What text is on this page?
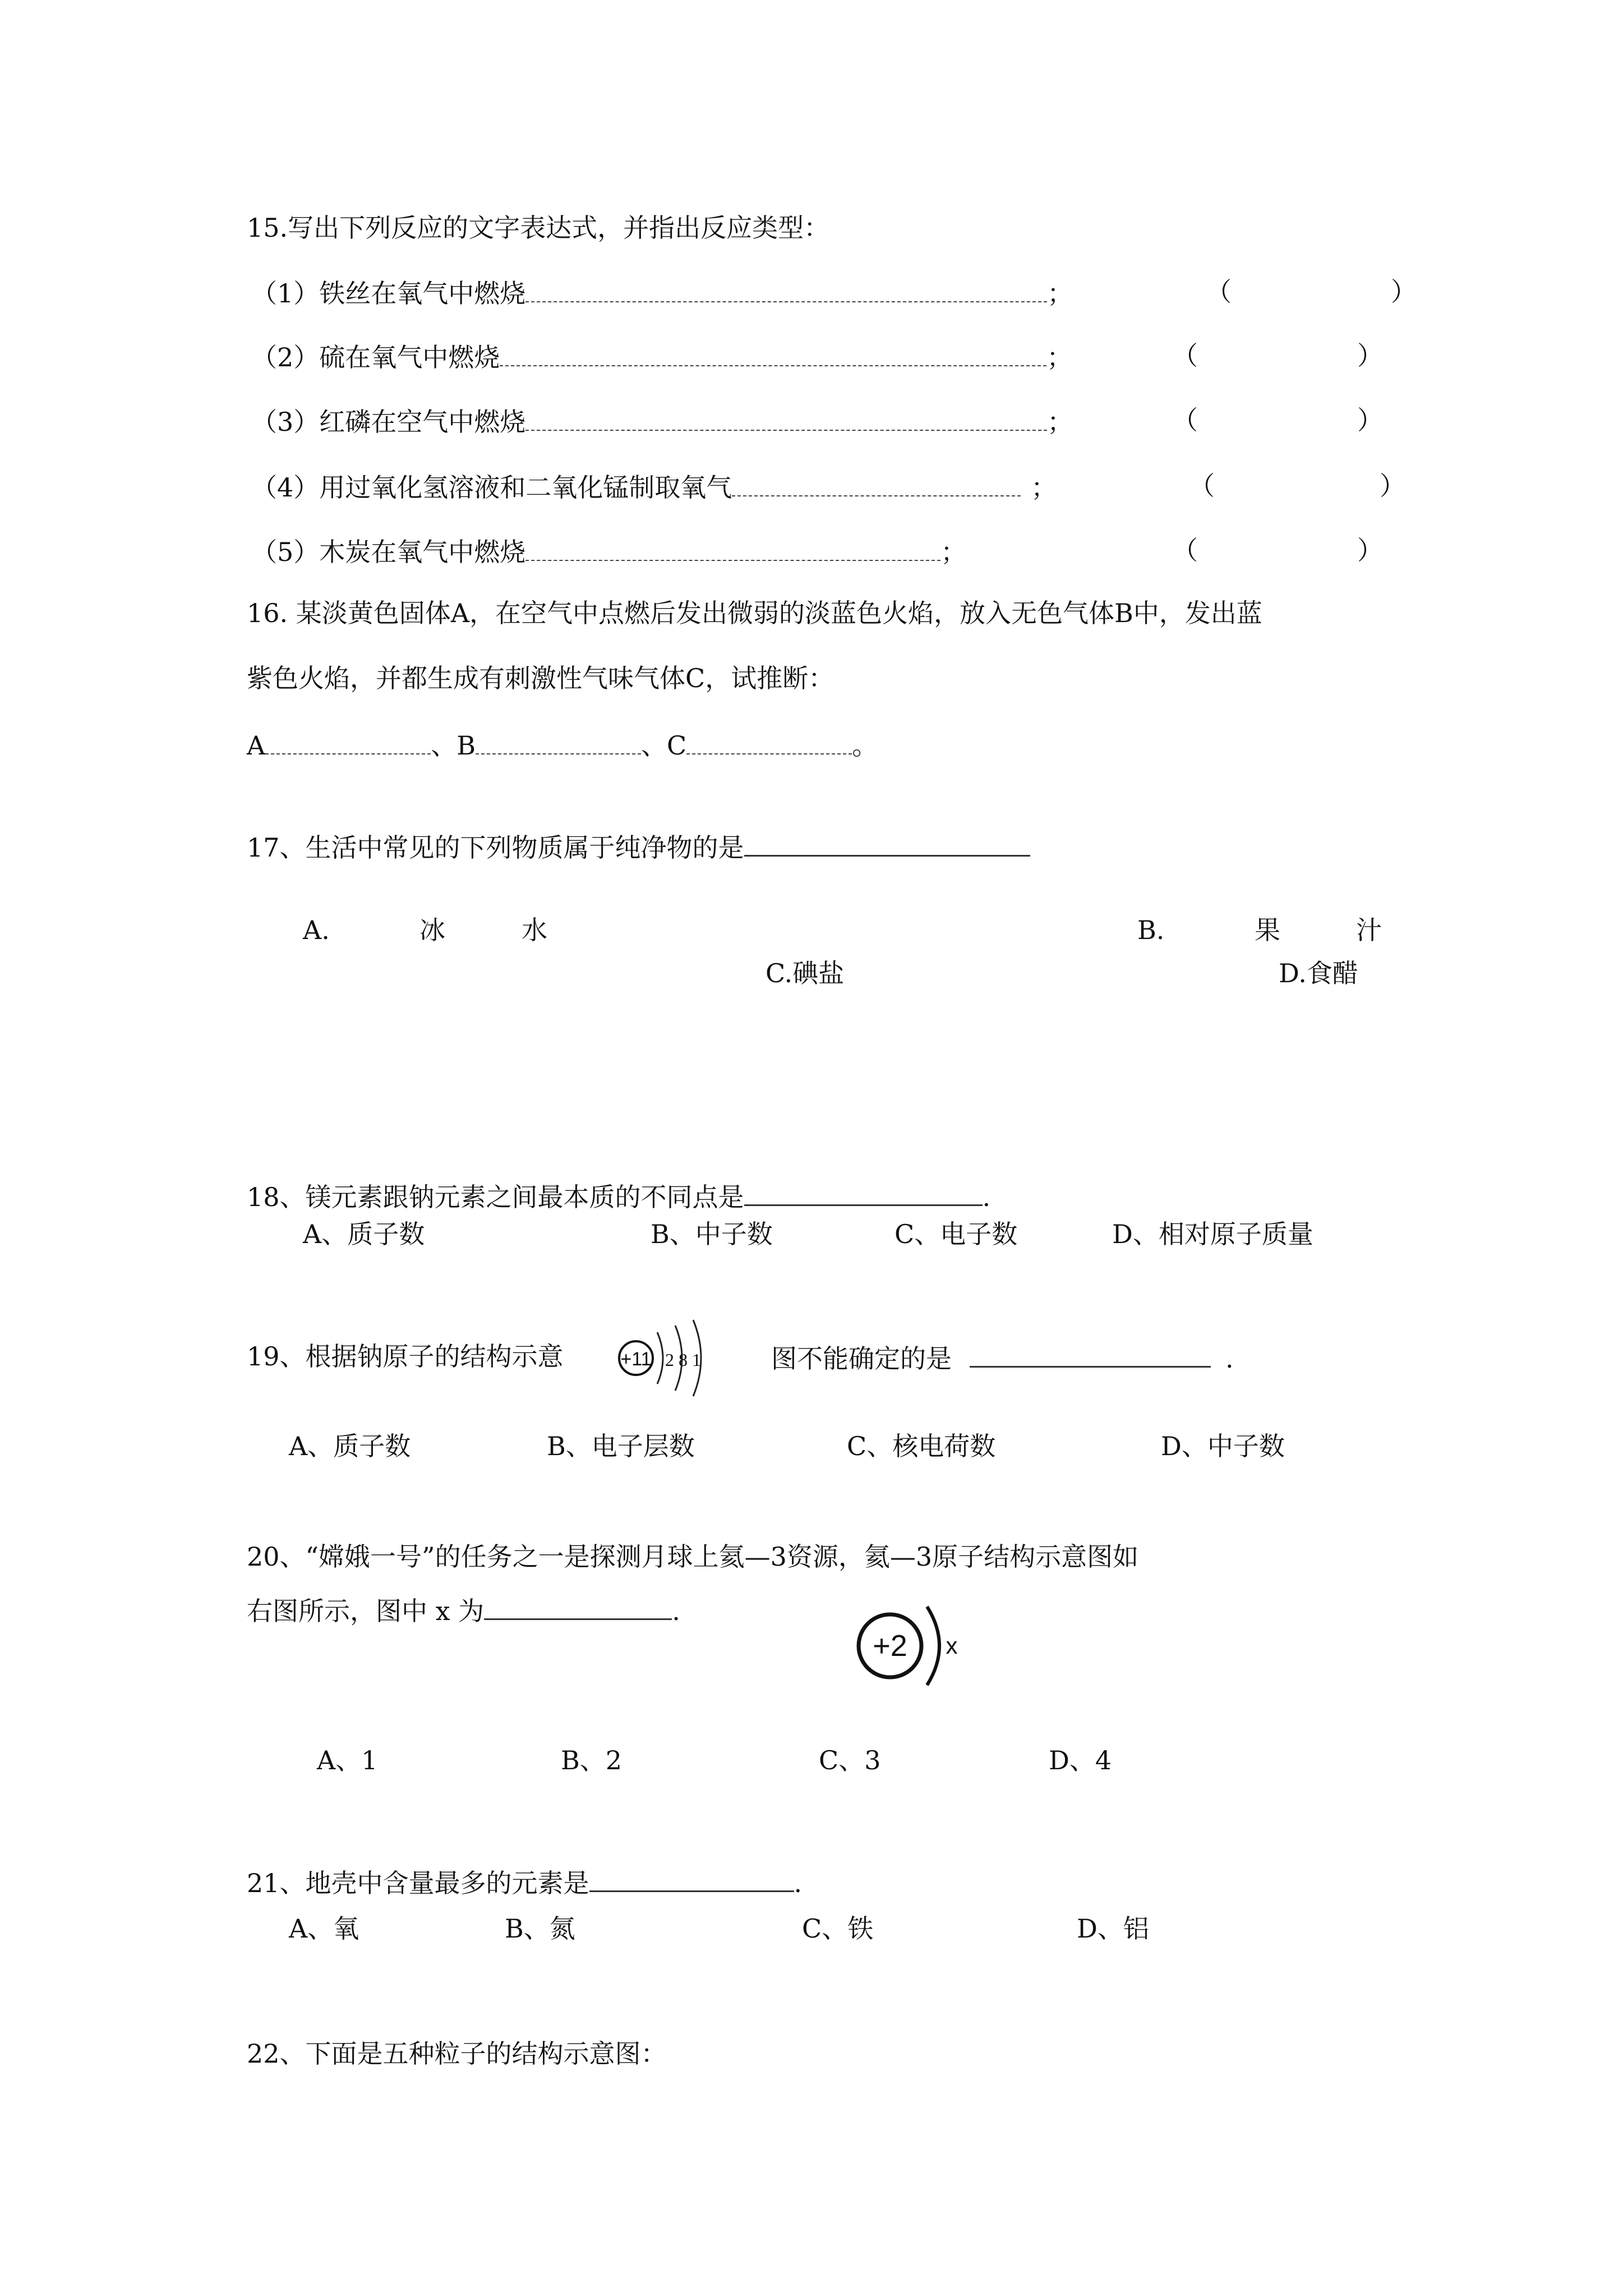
15.写出下列反应的文字表达式，并指出反应类型：
（1）铁丝在氧气中燃烧	；	（	）
（2）硫在氧气中燃烧	；	（	）
（3）红磷在空气中燃烧	；	（	）
（4）用过氧化氢溶液和二氧化锰制取氧气	；	（	）
（5）木炭在氧气中燃烧	；	（	）
16. 某淡黄色固体A，在空气中点燃后发出微弱的淡蓝色火焰，放入无色气体B中，发出蓝
紫色火焰，并都生成有刺激性气味气体C，试推断：
A	、B	、C	。
17、生活中常见的下列物质属于纯净物的是
A.	冰	水	B.	果	汁
C.碘盐	D.食醋
18、镁元素跟钠元素之间最本质的不同点是	.
A、质子数	B、中子数	C、电子数	D、相对原子质量
19、根据钠原子的结构示意	+11 2 8 1	图不能确定的是	.
A、质子数	B、电子层数	C、核电荷数	D、中子数
20、“嫦娥一号”的任务之一是探测月球上氦—3资源，氦—3原子结构示意图如
右图所示，图中 x 为	.
+2 x
A、1	B、2	C、3	D、4
21、地壳中含量最多的元素是	.
A、氧	B、氮	C、铁	D、铝
22、下面是五种粒子的结构示意图：
